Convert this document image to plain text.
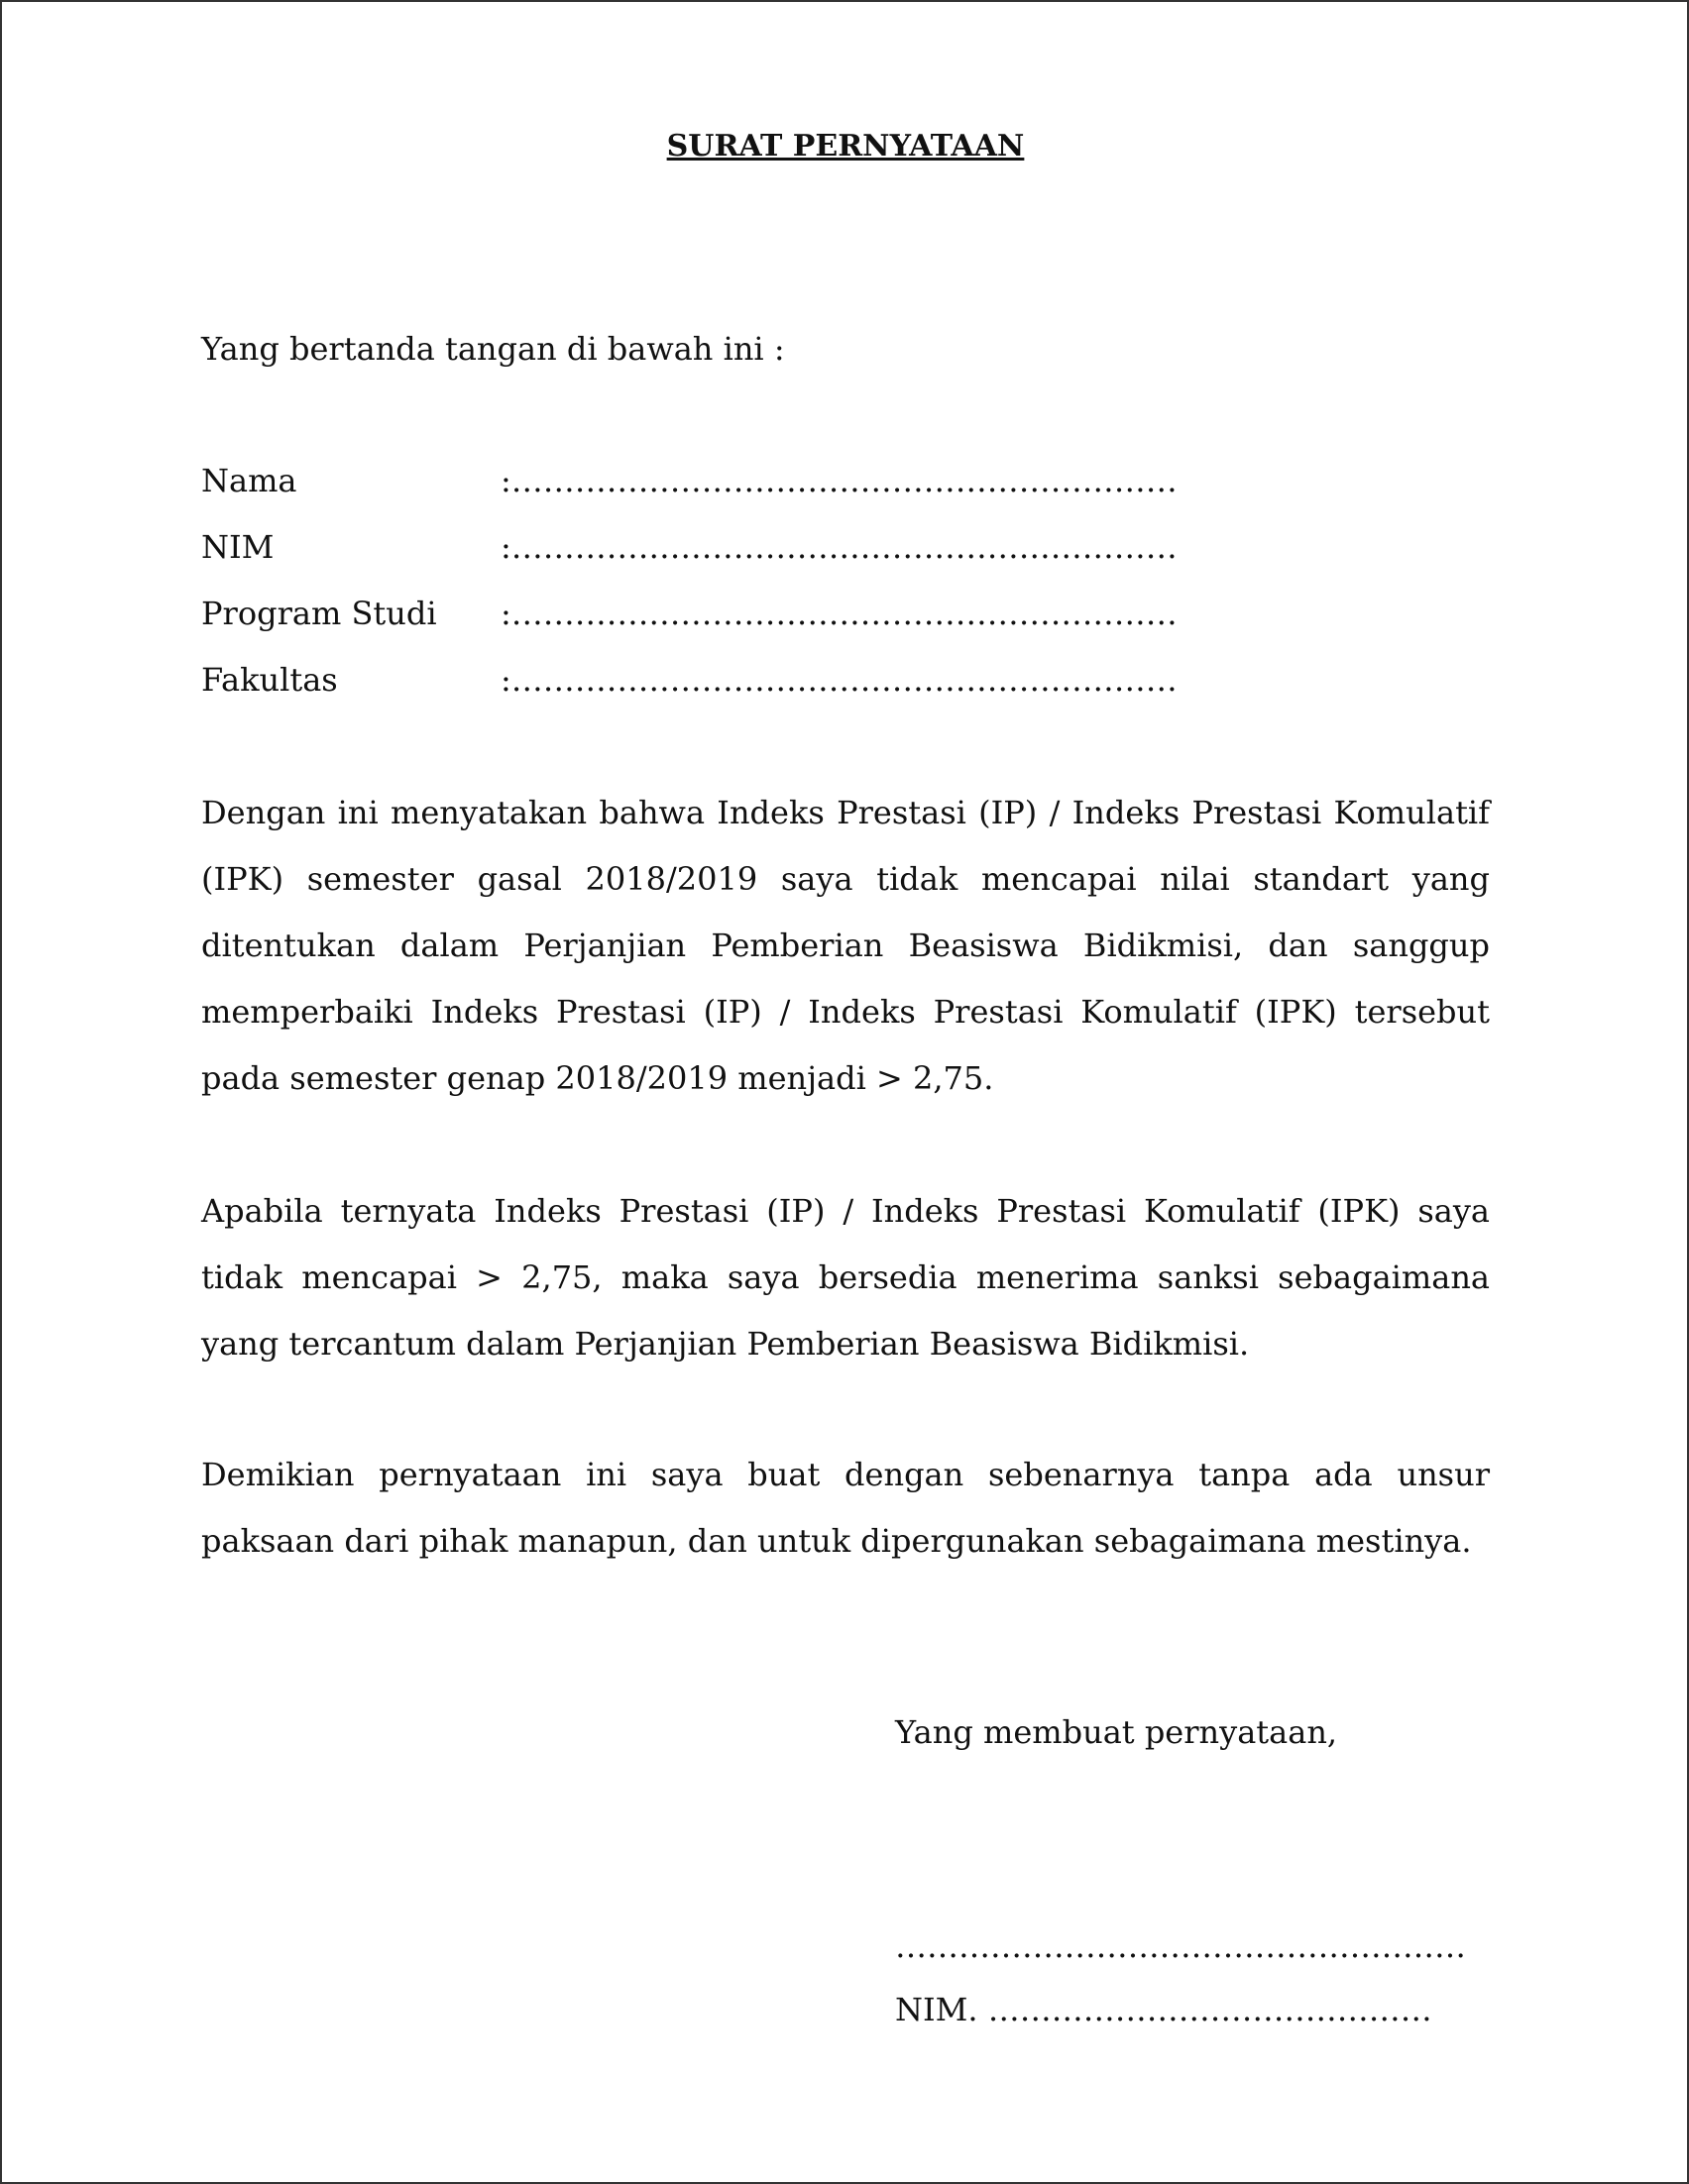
SURAT PERNYATAAN

Yang bertanda tangan di bawah ini :

Nama	: ………………………………………………………
NIM	: ………………………………………………………
Program Studi	: ………………………………………………………
Fakultas	: ………………………………………………………

Dengan ini menyatakan bahwa Indeks Prestasi (IP) / Indeks Prestasi Komulatif (IPK) semester gasal 2018/2019 saya tidak mencapai nilai standart yang ditentukan dalam Perjanjian Pemberian Beasiswa Bidikmisi, dan sanggup memperbaiki Indeks Prestasi (IP) / Indeks Prestasi Komulatif (IPK) tersebut pada semester genap 2018/2019 menjadi > 2,75.

Apabila ternyata Indeks Prestasi (IP) / Indeks Prestasi Komulatif (IPK) saya tidak mencapai > 2,75, maka saya bersedia menerima sanksi sebagaimana yang tercantum dalam Perjanjian Pemberian Beasiswa Bidikmisi.

Demikian pernyataan ini saya buat dengan sebenarnya tanpa ada unsur paksaan dari pihak manapun, dan untuk dipergunakan sebagaimana mestinya.

Yang membuat pernyataan,

………………………………………………

NIM. ……………………………………
